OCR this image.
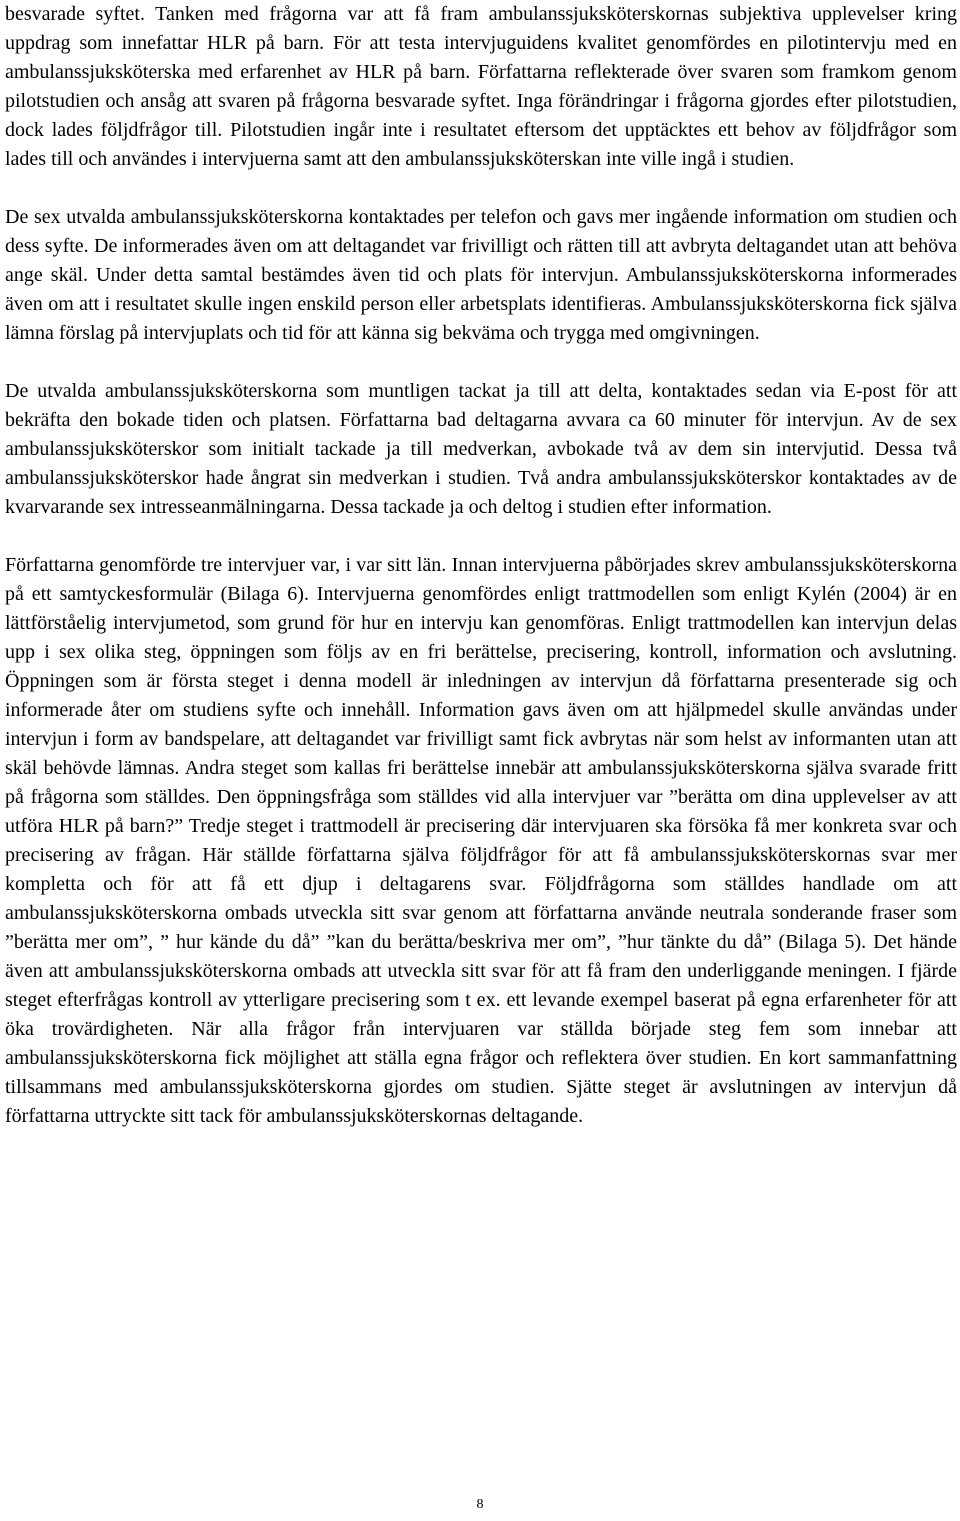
besvarade syftet. Tanken med frågorna var att få fram ambulanssjuksköterskornas subjektiva upplevelser kring uppdrag som innefattar HLR på barn. För att testa intervjuguidens kvalitet genomfördes en pilotintervju med en ambulanssjuksköterska med erfarenhet av HLR på barn. Författarna reflekterade över svaren som framkom genom pilotstudien och ansåg att svaren på frågorna besvarade syftet. Inga förändringar i frågorna gjordes efter pilotstudien, dock lades följdfrågor till. Pilotstudien ingår inte i resultatet eftersom det upptäcktes ett behov av följdfrågor som lades till och användes i intervjuerna samt att den ambulanssjuksköterskan inte ville ingå i studien.

De sex utvalda ambulanssjuksköterskorna kontaktades per telefon och gavs mer ingående information om studien och dess syfte. De informerades även om att deltagandet var frivilligt och rätten till att avbryta deltagandet utan att behöva ange skäl. Under detta samtal bestämdes även tid och plats för intervjun. Ambulanssjuksköterskorna informerades även om att i resultatet skulle ingen enskild person eller arbetsplats identifieras. Ambulanssjuksköterskorna fick själva lämna förslag på intervjuplats och tid för att känna sig bekväma och trygga med omgivningen.

De utvalda ambulanssjuksköterskorna som muntligen tackat ja till att delta, kontaktades sedan via E-post för att bekräfta den bokade tiden och platsen. Författarna bad deltagarna avvara ca 60 minuter för intervjun. Av de sex ambulanssjuksköterskor som initialt tackade ja till medverkan, avbokade två av dem sin intervjutid. Dessa två ambulanssjuksköterskor hade ångrat sin medverkan i studien. Två andra ambulanssjuksköterskor kontaktades av de kvarvarande sex intresseanmälningarna. Dessa tackade ja och deltog i studien efter information.

Författarna genomförde tre intervjuer var, i var sitt län. Innan intervjuerna påbörjades skrev ambulanssjuksköterskorna på ett samtyckesformulär (Bilaga 6). Intervjuerna genomfördes enligt trattmodellen som enligt Kylén (2004) är en lättförståelig intervjumetod, som grund för hur en intervju kan genomföras. Enligt trattmodellen kan intervjun delas upp i sex olika steg, öppningen som följs av en fri berättelse, precisering, kontroll, information och avslutning. Öppningen som är första steget i denna modell är inledningen av intervjun då författarna presenterade sig och informerade åter om studiens syfte och innehåll. Information gavs även om att hjälpmedel skulle användas under intervjun i form av bandspelare, att deltagandet var frivilligt samt fick avbrytas när som helst av informanten utan att skäl behövde lämnas. Andra steget som kallas fri berättelse innebär att ambulanssjuksköterskorna själva svarade fritt på frågorna som ställdes. Den öppningsfråga som ställdes vid alla intervjuer var ”berätta om dina upplevelser av att utföra HLR på barn?” Tredje steget i trattmodell är precisering där intervjuaren ska försöka få mer konkreta svar och precisering av frågan. Här ställde författarna själva följdfrågor för att få ambulanssjuksköterskornas svar mer kompletta och för att få ett djup i deltagarens svar. Följdfrågorna som ställdes handlade om att ambulanssjuksköterskorna ombads utveckla sitt svar genom att författarna använde neutrala sonderande fraser som ”berätta mer om”, ” hur kände du då” ”kan du berätta/beskriva mer om”, ”hur tänkte du då” (Bilaga 5). Det hände även att ambulanssjuksköterskorna ombads att utveckla sitt svar för att få fram den underliggande meningen. I fjärde steget efterfrågas kontroll av ytterligare precisering som t ex. ett levande exempel baserat på egna erfarenheter för att öka trovärdigheten. När alla frågor från intervjuaren var ställda började steg fem som innebar att ambulanssjuksköterskorna fick möjlighet att ställa egna frågor och reflektera över studien. En kort sammanfattning tillsammans med ambulanssjuksköterskorna gjordes om studien. Sjätte steget är avslutningen av intervjun då författarna uttryckte sitt tack för ambulanssjuksköterskornas deltagande.

8
